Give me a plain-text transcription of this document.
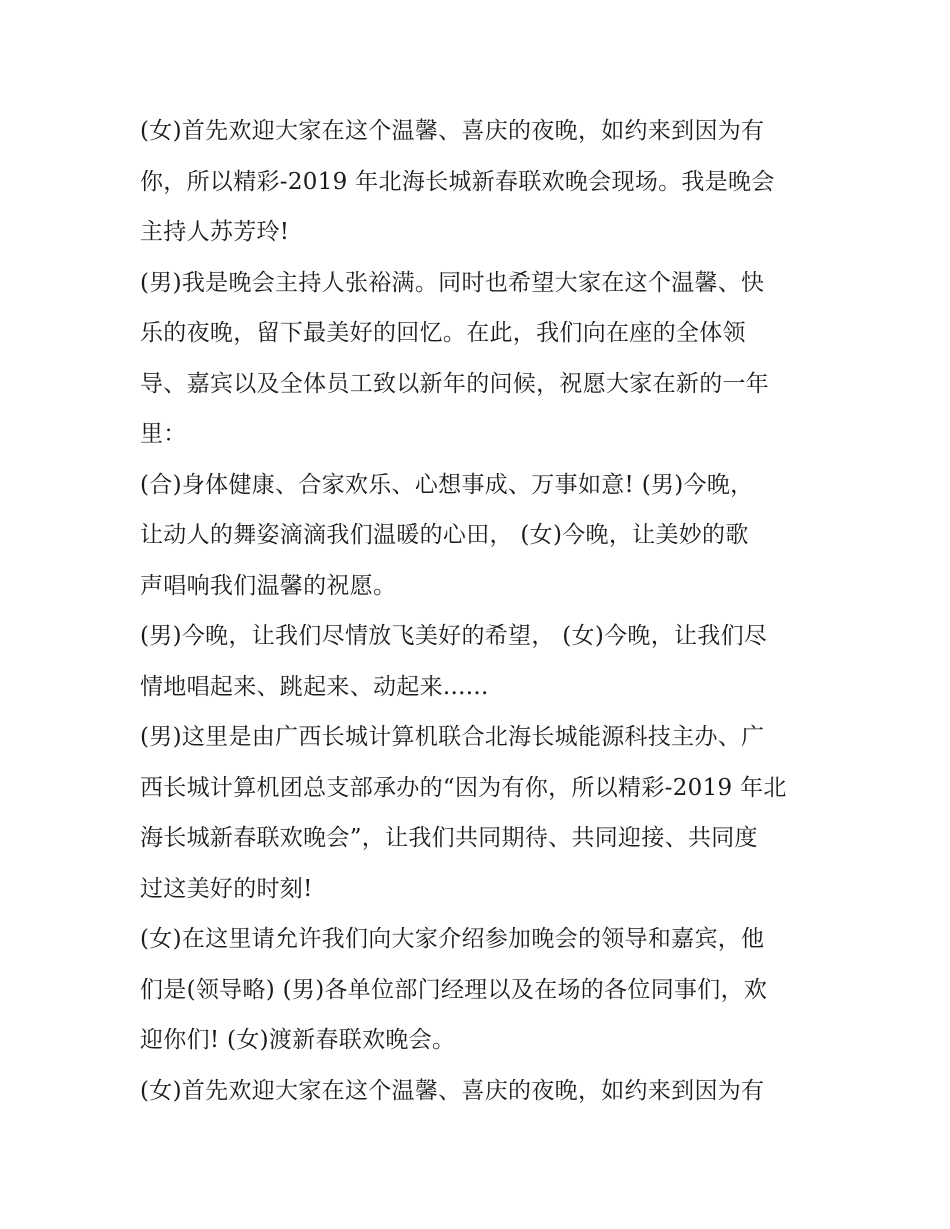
(女)首先欢迎大家在这个温馨、喜庆的夜晚，如约来到因为有
你，所以精彩-2019 年北海长城新春联欢晚会现场。我是晚会
主持人苏芳玲!
(男)我是晚会主持人张裕满。同时也希望大家在这个温馨、快
乐的夜晚，留下最美好的回忆。在此，我们向在座的全体领
导、嘉宾以及全体员工致以新年的问候，祝愿大家在新的一年
里：
(合)身体健康、合家欢乐、心想事成、万事如意! (男)今晚，
让动人的舞姿滴滴我们温暖的心田， (女)今晚，让美妙的歌
声唱响我们温馨的祝愿。
(男)今晚，让我们尽情放飞美好的希望， (女)今晚，让我们尽
情地唱起来、跳起来、动起来......
(男)这里是由广西长城计算机联合北海长城能源科技主办、广
西长城计算机团总支部承办的“因为有你，所以精彩-2019 年北
海长城新春联欢晚会”，让我们共同期待、共同迎接、共同度
过这美好的时刻!
(女)在这里请允许我们向大家介绍参加晚会的领导和嘉宾，他
们是(领导略) (男)各单位部门经理以及在场的各位同事们，欢
迎你们! (女)渡新春联欢晚会。
(女)首先欢迎大家在这个温馨、喜庆的夜晚，如约来到因为有
